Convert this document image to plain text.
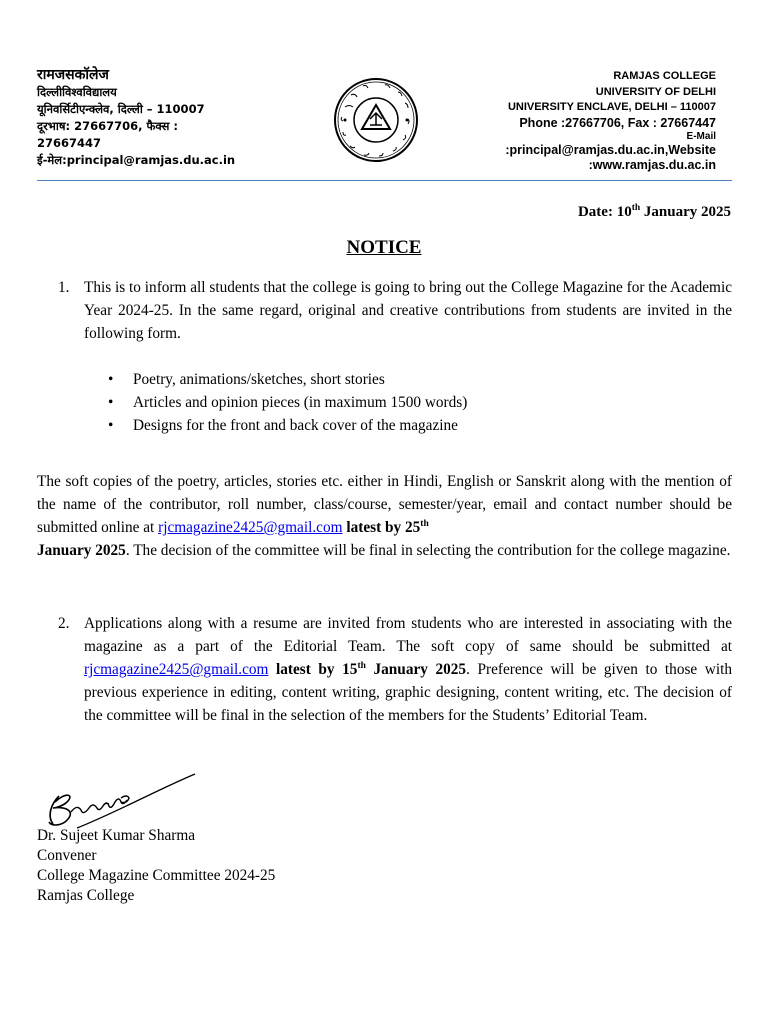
रामजसकॉलेज
दिल्लीविश्वविद्यालय
यूनिवर्सिटीएन्क्लेव, दिल्ली – 110007
दूरभाष: 27667706, फैक्स :
27667447
ई-मेल:principal@ramjas.du.ac.in
RAMJAS COLLEGE
UNIVERSITY OF DELHI
UNIVERSITY ENCLAVE, DELHI – 110007
Phone :27667706, Fax : 27667447
E-Mail
:principal@ramjas.du.ac.in,Website
:www.ramjas.du.ac.in
Date: 10th January 2025
NOTICE
1. This is to inform all students that the college is going to bring out the College Magazine for the Academic Year 2024-25. In the same regard, original and creative contributions from students are invited in the following form.
•	Poetry, animations/sketches, short stories
•	Articles and opinion pieces (in maximum 1500 words)
•	Designs for the front and back cover of the magazine
The soft copies of the poetry, articles, stories etc. either in Hindi, English or Sanskrit along with the mention of the name of the contributor, roll number, class/course, semester/year, email and contact number should be submitted online at rjcmagazine2425@gmail.com latest by 25th
January 2025. The decision of the committee will be final in selecting the contribution for the college magazine.
2. Applications along with a resume are invited from students who are interested in associating with the magazine as a part of the Editorial Team. The soft copy of same should be submitted at rjcmagazine2425@gmail.com latest by 15th January 2025. Preference will be given to those with previous experience in editing, content writing, graphic designing, content writing, etc. The decision of the committee will be final in the selection of the members for the Students’ Editorial Team.
Dr. Sujeet Kumar Sharma
Convener
College Magazine Committee 2024-25
Ramjas College
